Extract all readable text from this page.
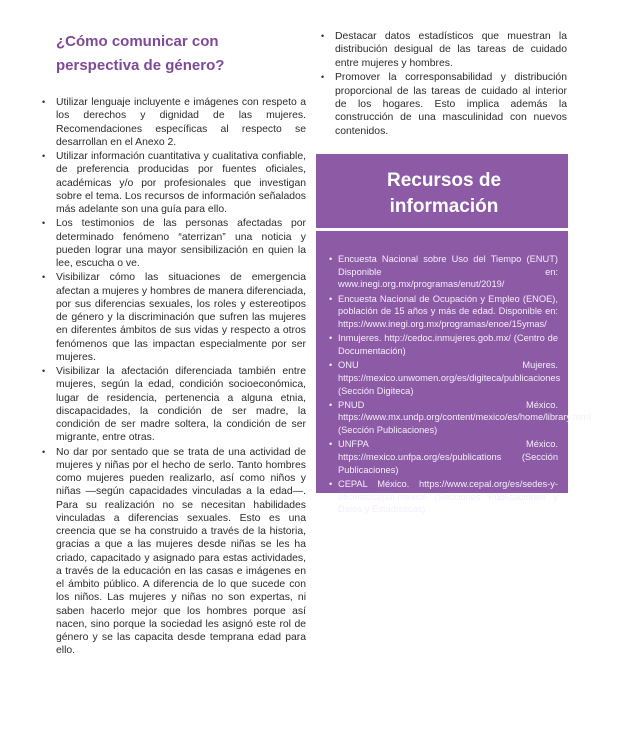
¿Cómo comunicar con perspectiva de género?
• Utilizar lenguaje incluyente e imágenes con respeto a los derechos y dignidad de las mujeres. Recomendaciones específicas al respecto se desarrollan en el Anexo 2.
• Utilizar información cuantitativa y cualitativa confiable, de preferencia producidas por fuentes oficiales, académicas y/o por profesionales que investigan sobre el tema. Los recursos de información señalados más adelante son una guía para ello.
• Los testimonios de las personas afectadas por determinado fenómeno “aterrizan” una noticia y pueden lograr una mayor sensibilización en quien la lee, escucha o ve.
• Visibilizar cómo las situaciones de emergencia afectan a mujeres y hombres de manera diferenciada, por sus diferencias sexuales, los roles y estereotipos de género y la discriminación que sufren las mujeres en diferentes ámbitos de sus vidas y respecto a otros fenómenos que las impactan especialmente por ser mujeres.
• Visibilizar la afectación diferenciada también entre mujeres, según la edad, condición socioeconómica, lugar de residencia, pertenencia a alguna etnia, discapacidades, la condición de ser madre, la condición de ser madre soltera, la condición de ser migrante, entre otras.
• No dar por sentado que se trata de una actividad de mujeres y niñas por el hecho de serlo. Tanto hombres como mujeres pueden realizarlo, así como niños y niñas —según capacidades vinculadas a la edad—. Para su realización no se necesitan habilidades vinculadas a diferencias sexuales. Esto es una creencia que se ha construido a través de la historia, gracias a que a las mujeres desde niñas se les ha criado, capacitado y asignado para estas actividades, a través de la educación en las casas e imágenes en el ámbito público. A diferencia de lo que sucede con los niños. Las mujeres y niñas no son expertas, ni saben hacerlo mejor que los hombres porque así nacen, sino porque la sociedad les asignó este rol de género y se las capacita desde temprana edad para ello.
• Destacar datos estadísticos que muestran la distribución desigual de las tareas de cuidado entre mujeres y hombres.
• Promover la corresponsabilidad y distribución proporcional de las tareas de cuidado al interior de los hogares. Esto implica además la construcción de una masculinidad con nuevos contenidos.
Recursos de información
• Encuesta Nacional sobre Uso del Tiempo (ENUT) Disponible en: www.inegi.org.mx/programas/enut/2019/
• Encuesta Nacional de Ocupación y Empleo (ENOE), población de 15 años y más de edad. Disponible en: https://www.inegi.org.mx/programas/enoe/15ymas/
• Inmujeres. http://cedoc.inmujeres.gob.mx/ (Centro de Documentación)
• ONU Mujeres. https://mexico.unwomen.org/es/digiteca/publicaciones (Sección Digiteca)
• PNUD México. https://www.mx.undp.org/content/mexico/es/home/library.html (Sección Publicaciones)
• UNFPA México. https://mexico.unfpa.org/es/publications (Sección Publicaciones)
• CEPAL México. https://www.cepal.org/es/sedes-y-oficinas/cepal-mexico (Secciones Publicaciones y Datos y Estadísticas)
